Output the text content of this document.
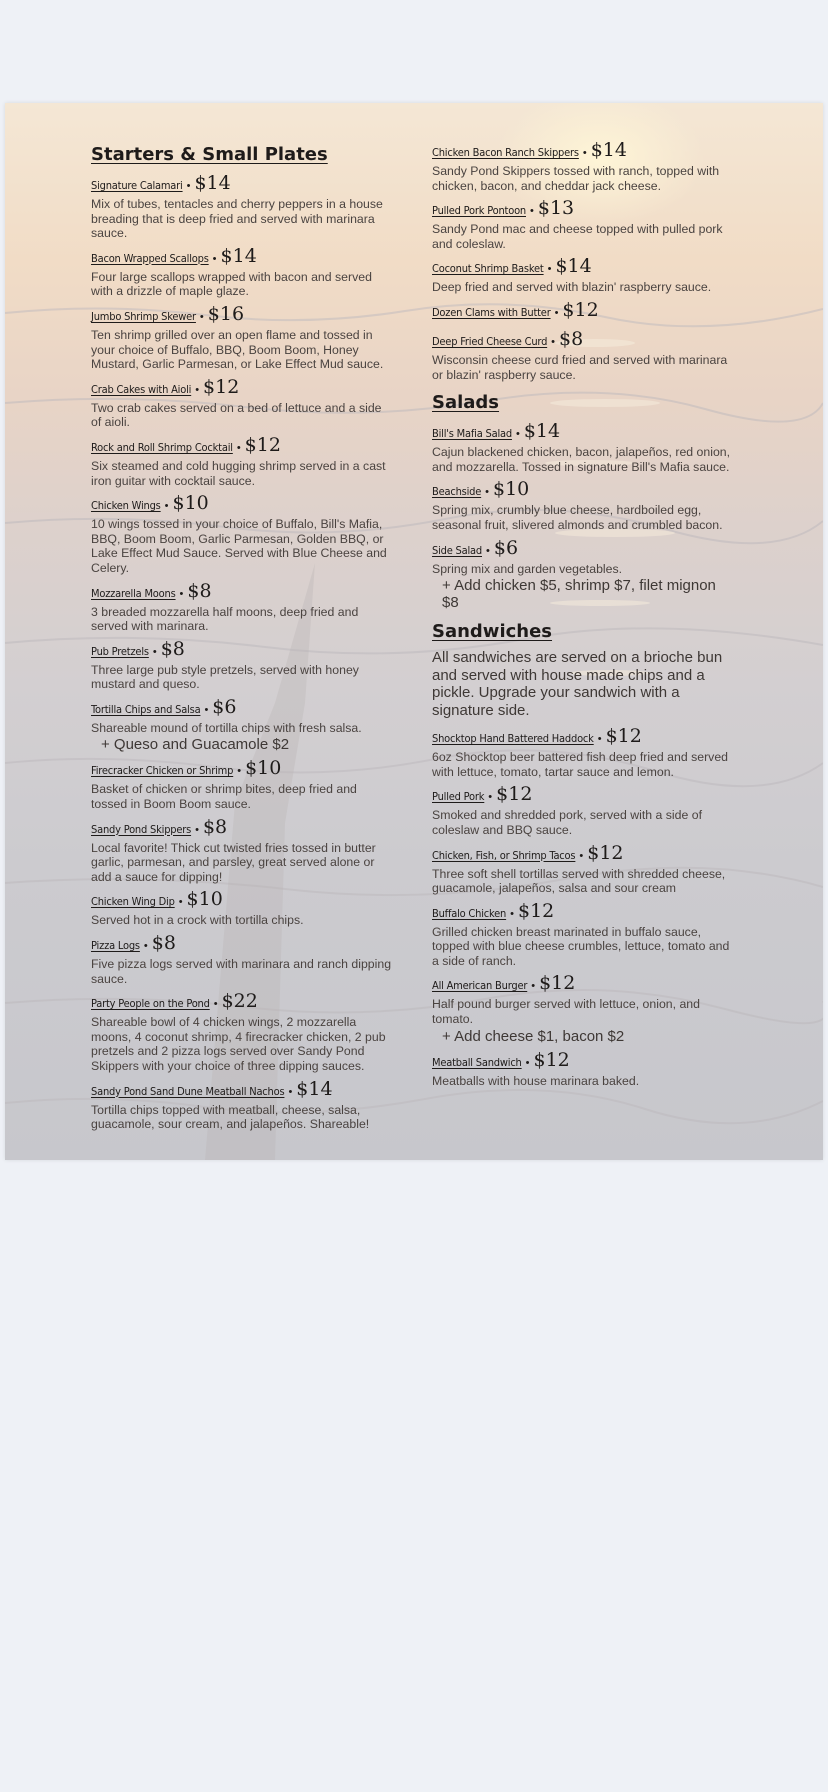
Starters & Small Plates
Signature Calamari • $14
Mix of tubes, tentacles and cherry peppers in a house breading that is deep fried and served with marinara sauce.
Bacon Wrapped Scallops • $14
Four large scallops wrapped with bacon and served with a drizzle of maple glaze.
Jumbo Shrimp Skewer • $16
Ten shrimp grilled over an open flame and tossed in your choice of Buffalo, BBQ, Boom Boom, Honey Mustard, Garlic Parmesan, or Lake Effect Mud sauce.
Crab Cakes with Aioli • $12
Two crab cakes served on a bed of lettuce and a side of aioli.
Rock and Roll Shrimp Cocktail • $12
Six steamed and cold hugging shrimp served in a cast iron guitar with cocktail sauce.
Chicken Wings • $10
10 wings tossed in your choice of Buffalo, Bill's Mafia, BBQ, Boom Boom, Garlic Parmesan, Golden BBQ, or Lake Effect Mud Sauce. Served with Blue Cheese and Celery.
Mozzarella Moons • $8
3 breaded mozzarella half moons, deep fried and served with marinara.
Pub Pretzels • $8
Three large pub style pretzels, served with honey mustard and queso.
Tortilla Chips and Salsa • $6
Shareable mound of tortilla chips with fresh salsa.
+ Queso and Guacamole $2
Firecracker Chicken or Shrimp • $10
Basket of chicken or shrimp bites, deep fried and tossed in Boom Boom sauce.
Sandy Pond Skippers • $8
Local favorite! Thick cut twisted fries tossed in butter garlic, parmesan, and parsley, great served alone or add a sauce for dipping!
Chicken Wing Dip • $10
Served hot in a crock with tortilla chips.
Pizza Logs • $8
Five pizza logs served with marinara and ranch dipping sauce.
Party People on the Pond • $22
Shareable bowl of 4 chicken wings, 2 mozzarella moons, 4 coconut shrimp, 4 firecracker chicken, 2 pub pretzels and 2 pizza logs served over Sandy Pond Skippers with your choice of three dipping sauces.
Sandy Pond Sand Dune Meatball Nachos • $14
Tortilla chips topped with meatball, cheese, salsa, guacamole, sour cream, and jalapeños. Shareable!
Chicken Bacon Ranch Skippers • $14
Sandy Pond Skippers tossed with ranch, topped with chicken, bacon, and cheddar jack cheese.
Pulled Pork Pontoon • $13
Sandy Pond mac and cheese topped with pulled pork and coleslaw.
Coconut Shrimp Basket • $14
Deep fried and served with blazin' raspberry sauce.
Dozen Clams with Butter • $12
Deep Fried Cheese Curd • $8
Wisconsin cheese curd fried and served with marinara or blazin' raspberry sauce.
Salads
Bill's Mafia Salad • $14
Cajun blackened chicken, bacon, jalapeños, red onion, and mozzarella. Tossed in signature Bill's Mafia sauce.
Beachside • $10
Spring mix, crumbly blue cheese, hardboiled egg, seasonal fruit, slivered almonds and crumbled bacon.
Side Salad • $6
Spring mix and garden vegetables.
+ Add chicken $5, shrimp $7, filet mignon $8
Sandwiches
All sandwiches are served on a brioche bun and served with house made chips and a pickle. Upgrade your sandwich with a signature side.
Shocktop Hand Battered Haddock • $12
6oz Shocktop beer battered fish deep fried and served with lettuce, tomato, tartar sauce and lemon.
Pulled Pork • $12
Smoked and shredded pork, served with a side of coleslaw and BBQ sauce.
Chicken, Fish, or Shrimp Tacos • $12
Three soft shell tortillas served with shredded cheese, guacamole, jalapeños, salsa and sour cream
Buffalo Chicken • $12
Grilled chicken breast marinated in buffalo sauce, topped with blue cheese crumbles, lettuce, tomato and a side of ranch.
All American Burger • $12
Half pound burger served with lettuce, onion, and tomato.
+ Add cheese $1, bacon $2
Meatball Sandwich • $12
Meatballs with house marinara baked.
